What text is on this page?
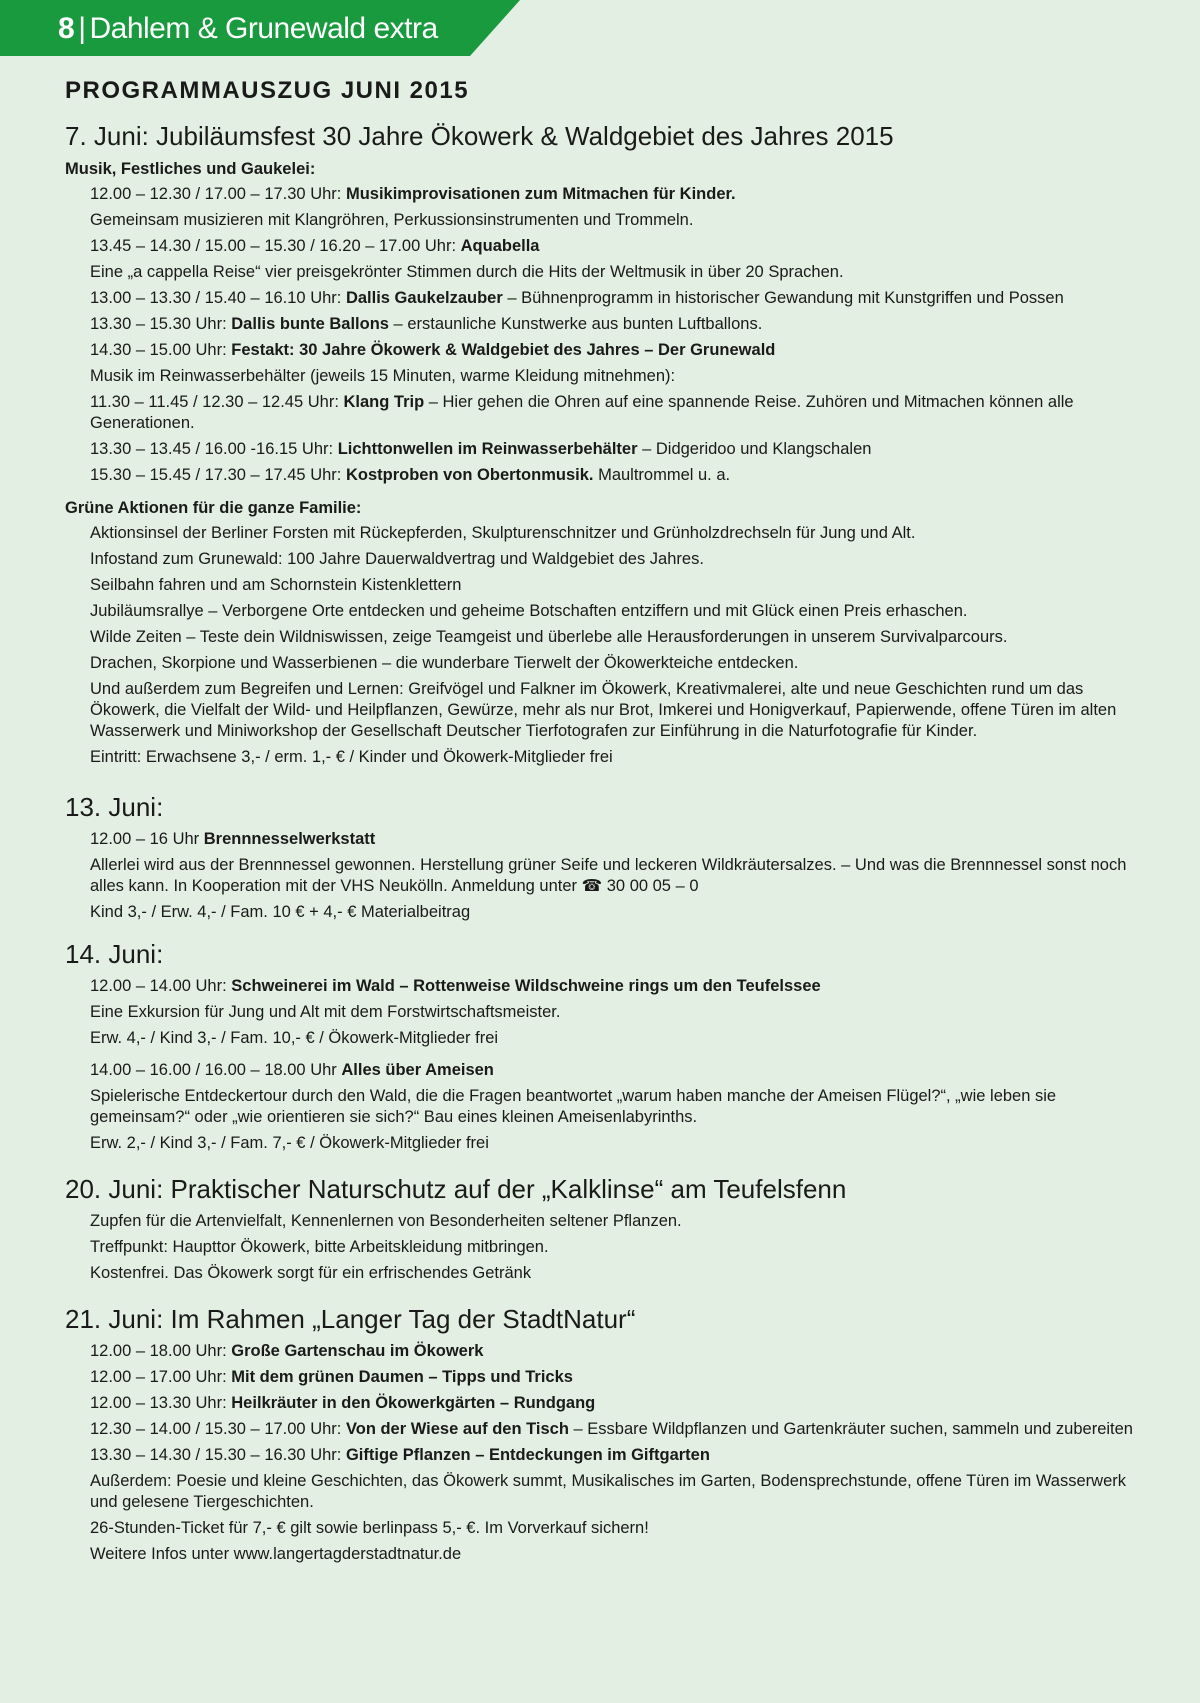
8 | Dahlem & Grunewald extra
PROGRAMMAUSZUG JUNI 2015
7. Juni: Jubiläumsfest 30 Jahre Ökowerk & Waldgebiet des Jahres 2015
Musik, Festliches und Gaukelei:
12.00 – 12.30 / 17.00 – 17.30 Uhr: Musikimprovisationen zum Mitmachen für Kinder.
Gemeinsam musizieren mit Klangröhren, Perkussionsinstrumenten und Trommeln.
13.45 – 14.30 / 15.00 – 15.30 / 16.20 – 17.00 Uhr: Aquabella
Eine „a cappella Reise“ vier preisgekrönter Stimmen durch die Hits der Weltmusik in über 20 Sprachen.
13.00 – 13.30 / 15.40 – 16.10 Uhr: Dallis Gaukelzauber – Bühnenprogramm in historischer Gewandung mit Kunstgriffen und Possen
13.30 – 15.30 Uhr: Dallis bunte Ballons – erstaunliche Kunstwerke aus bunten Luftballons.
14.30 – 15.00 Uhr: Festakt: 30 Jahre Ökowerk & Waldgebiet des Jahres – Der Grunewald
Musik im Reinwasserbehälter (jeweils 15 Minuten, warme Kleidung mitnehmen):
11.30 – 11.45 / 12.30 – 12.45 Uhr: Klang Trip – Hier gehen die Ohren auf eine spannende Reise. Zuhören und Mitmachen können alle Generationen.
13.30 – 13.45 / 16.00 -16.15 Uhr: Lichttonwellen im Reinwasserbehälter – Didgeridoo und Klangschalen
15.30 – 15.45 / 17.30 – 17.45 Uhr: Kostproben von Obertonmusik. Maultrommel u. a.
Grüne Aktionen für die ganze Familie:
Aktionsinsel der Berliner Forsten mit Rückepferden, Skulpturenschnitzer und Grünholzdrechseln für Jung und Alt.
Infostand zum Grunewald: 100 Jahre Dauerwaldvertrag und Waldgebiet des Jahres.
Seilbahn fahren und am Schornstein Kistenklettern
Jubiläumsrallye – Verborgene Orte entdecken und geheime Botschaften entziffern und mit Glück einen Preis erhaschen.
Wilde Zeiten – Teste dein Wildniswissen, zeige Teamgeist und überlebe alle Herausforderungen in unserem Survivalparcours.
Drachen, Skorpione und Wasserbienen – die wunderbare Tierwelt der Ökowerkteiche entdecken.
Und außerdem zum Begreifen und Lernen: Greifvögel und Falkner im Ökowerk, Kreativmalerei, alte und neue Geschichten rund um das Ökowerk, die Vielfalt der Wild- und Heilpflanzen, Gewürze, mehr als nur Brot, Imkerei und Honigverkauf, Papierwende, offene Türen im alten Wasserwerk und Miniworkshop der Gesellschaft Deutscher Tierfotografen zur Einführung in die Naturfotografie für Kinder.
Eintritt: Erwachsene 3,- / erm. 1,- € / Kinder und Ökowerk-Mitglieder frei
13. Juni:
12.00 – 16 Uhr Brennnesselwerkstatt
Allerlei wird aus der Brennnessel gewonnen. Herstellung grüner Seife und leckeren Wildkräutersalzes. – Und was die Brennnessel sonst noch alles kann. In Kooperation mit der VHS Neukölln. Anmeldung unter ☎ 30 00 05 – 0
Kind 3,- / Erw. 4,- / Fam. 10 € + 4,- € Materialbeitrag
14. Juni:
12.00 – 14.00 Uhr: Schweinerei im Wald – Rottenweise Wildschweine rings um den Teufelssee
Eine Exkursion für Jung und Alt mit dem Forstwirtschaftsmeister.
Erw. 4,- / Kind 3,- / Fam. 10,- € / Ökowerk-Mitglieder frei
14.00 – 16.00 / 16.00 – 18.00 Uhr Alles über Ameisen
Spielerische Entdeckertour durch den Wald, die die Fragen beantwortet „warum haben manche der Ameisen Flügel?“, „wie leben sie gemeinsam?“ oder „wie orientieren sie sich?“ Bau eines kleinen Ameisenlabyrinths.
Erw. 2,- / Kind 3,- / Fam. 7,- € / Ökowerk-Mitglieder frei
20. Juni: Praktischer Naturschutz auf der „Kalklinse“ am Teufelsfenn
Zupfen für die Artenvielfalt, Kennenlernen von Besonderheiten seltener Pflanzen.
Treffpunkt: Haupttor Ökowerk, bitte Arbeitskleidung mitbringen.
Kostenfrei. Das Ökowerk sorgt für ein erfrischendes Getränk
21. Juni: Im Rahmen „Langer Tag der StadtNatur“
12.00 – 18.00 Uhr: Große Gartenschau im Ökowerk
12.00 – 17.00 Uhr: Mit dem grünen Daumen – Tipps und Tricks
12.00 – 13.30 Uhr: Heilkräuter in den Ökowerkgärten – Rundgang
12.30 – 14.00 / 15.30 – 17.00 Uhr: Von der Wiese auf den Tisch – Essbare Wildpflanzen und Gartenkräuter suchen, sammeln und zubereiten
13.30 – 14.30 / 15.30 – 16.30 Uhr: Giftige Pflanzen – Entdeckungen im Giftgarten
Außerdem: Poesie und kleine Geschichten, das Ökowerk summt, Musikalisches im Garten, Bodensprechstunde, offene Türen im Wasserwerk und gelesene Tiergeschichten.
26-Stunden-Ticket für 7,- € gilt sowie berlinpass 5,- €. Im Vorverkauf sichern!
Weitere Infos unter www.langertagderstadtnatur.de
